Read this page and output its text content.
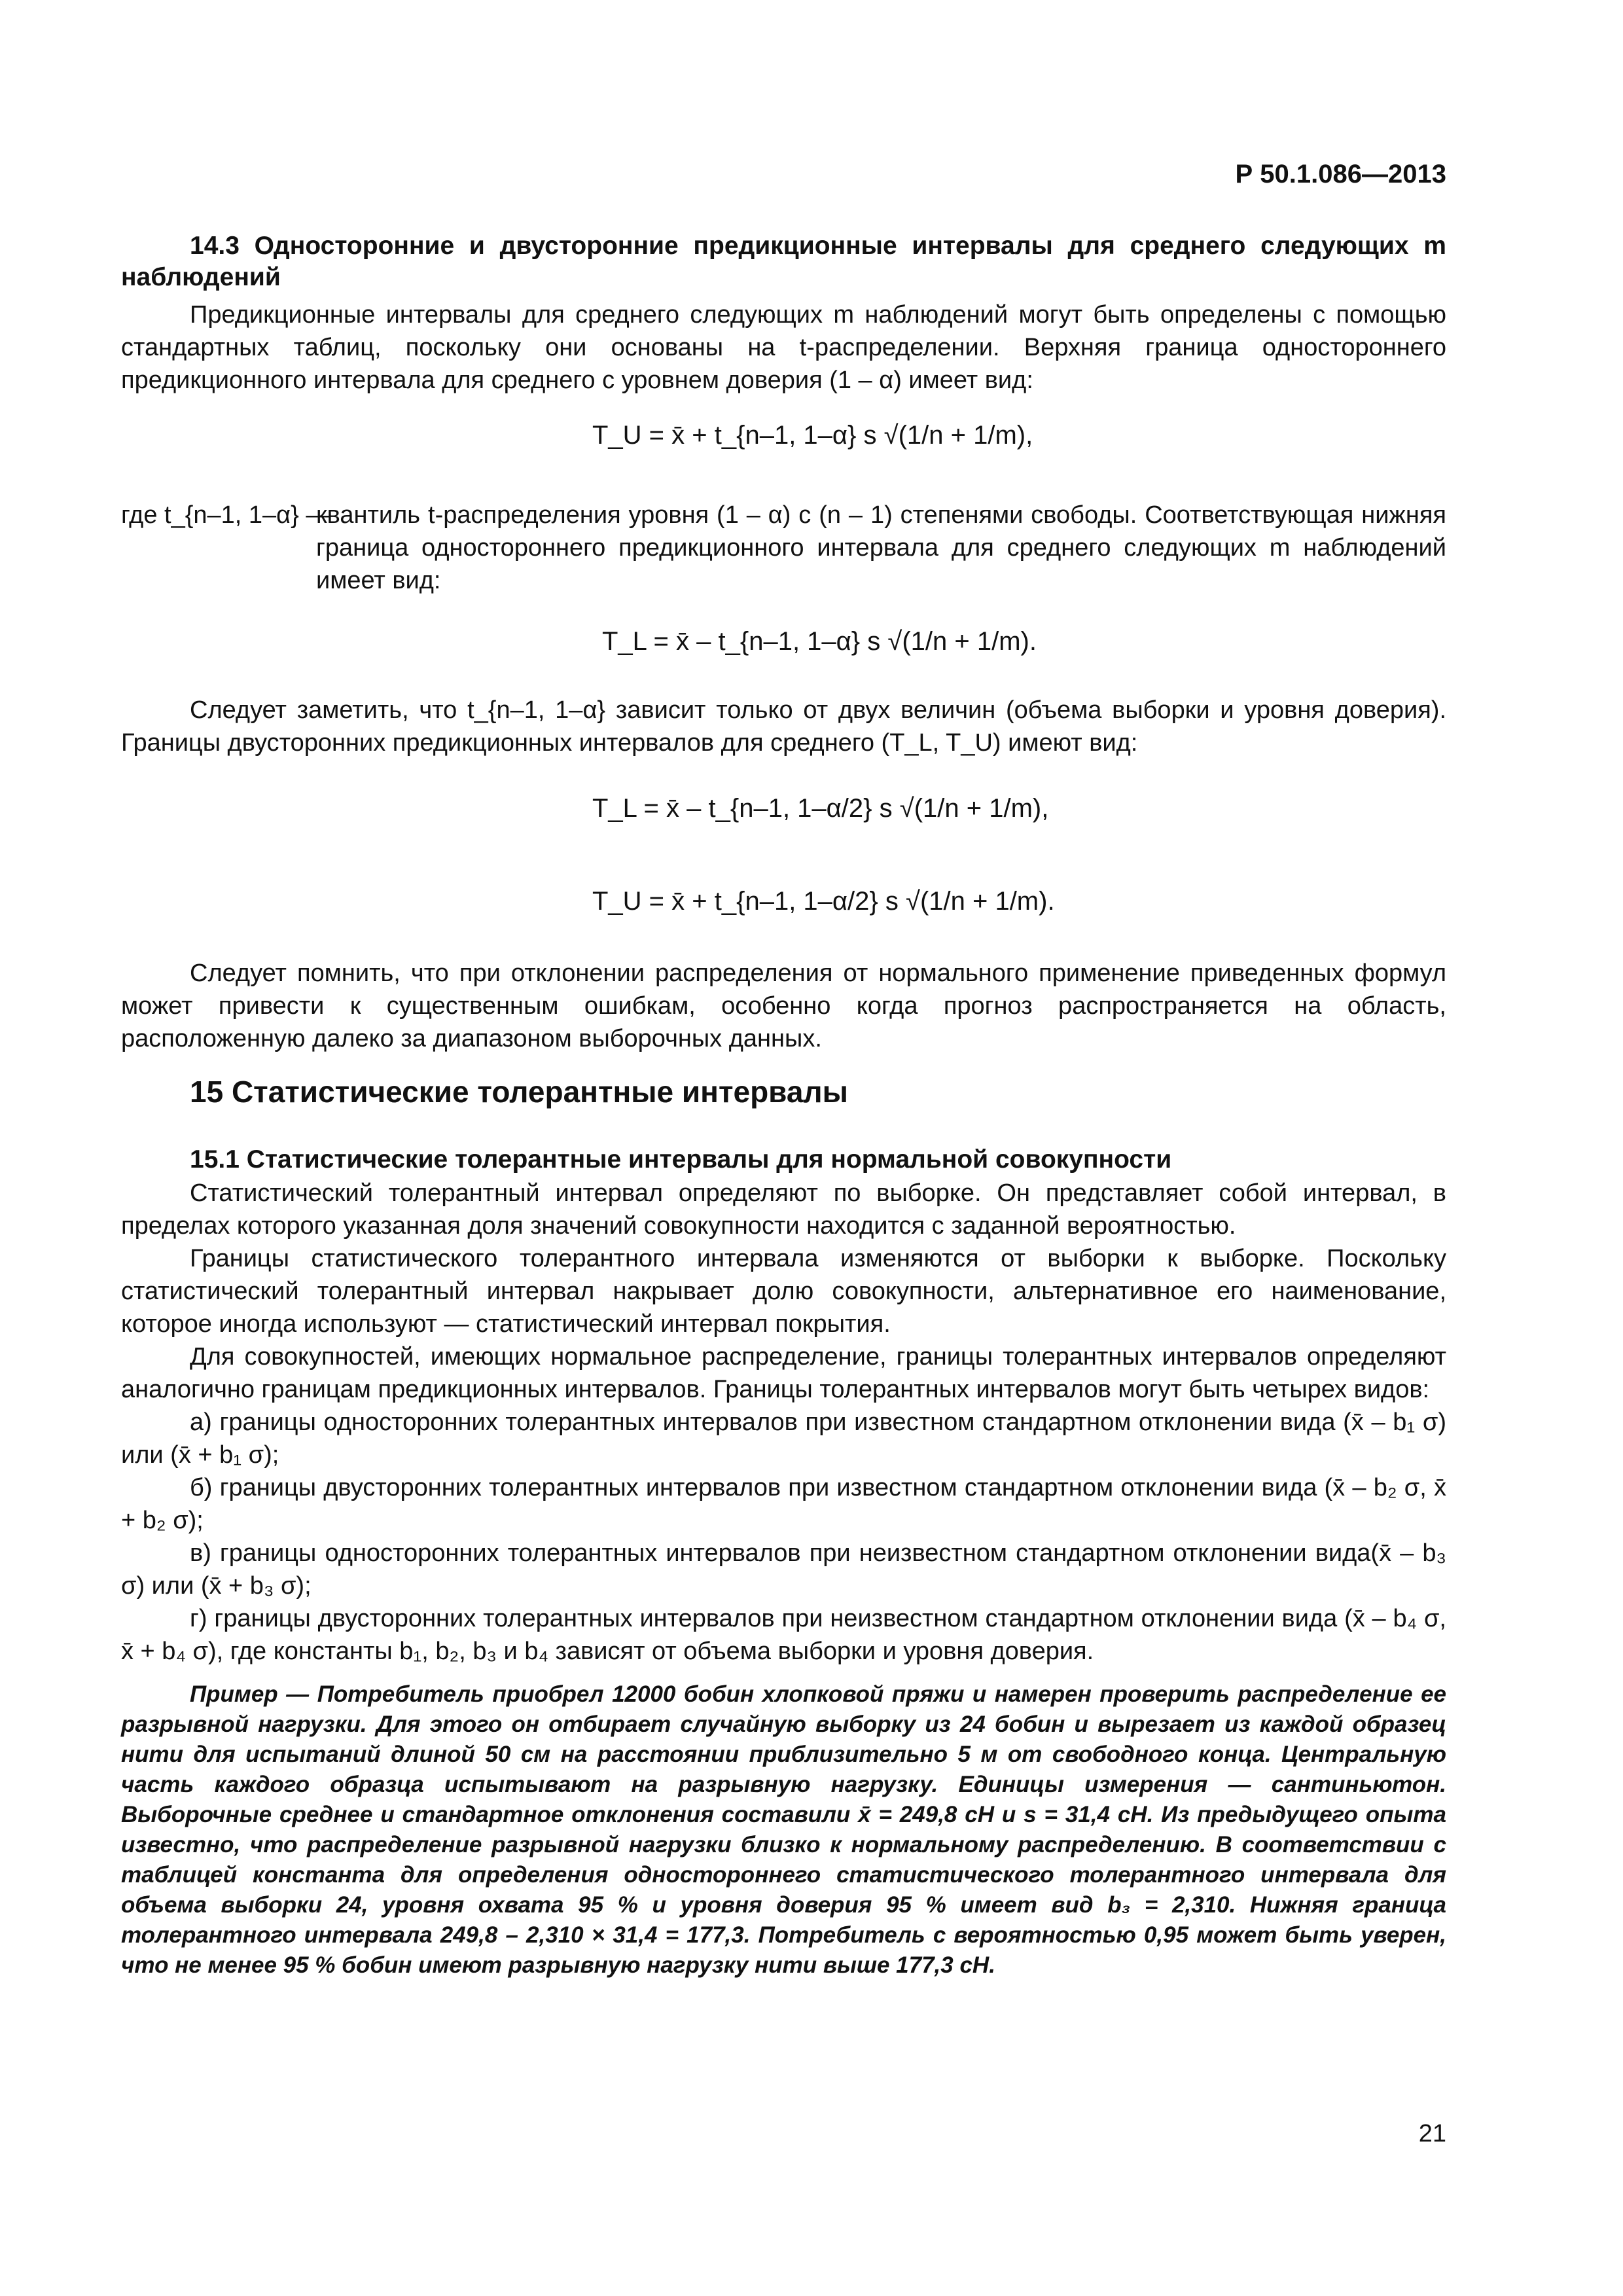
Р 50.1.086—2013

14.3 Односторонние и двусторонние предикционные интервалы для среднего следующих m наблюдений

Предикционные интервалы для среднего следующих m наблюдений могут быть определены с помощью стандартных таблиц, поскольку они основаны на t-распределении. Верхняя граница одностороннего предикционного интервала для среднего с уровнем доверия (1 – α) имеет вид:

T_U = x̄ + t_{n–1, 1–α} s √(1/n + 1/m),
где t_{n–1, 1–α} —

квантиль t-распределения уровня (1 – α) с (n – 1) степенями свободы. Соответствующая нижняя граница одностороннего предикционного интервала для среднего следующих m наблюдений имеет вид:

T_L = x̄ – t_{n–1, 1–α} s √(1/n + 1/m).

Следует заметить, что t_{n–1, 1–α} зависит только от двух величин (объема выборки и уровня доверия). Границы двусторонних предикционных интервалов для среднего (T_L, T_U) имеют вид:

T_L = x̄ – t_{n–1, 1–α/2} s √(1/n + 1/m),
T_U = x̄ + t_{n–1, 1–α/2} s √(1/n + 1/m).

Следует помнить, что при отклонении распределения от нормального применение приведенных формул может привести к существенным ошибкам, особенно когда прогноз распространяется на область, расположенную далеко за диапазоном выборочных данных.

15 Статистические толерантные интервалы

15.1 Статистические толерантные интервалы для нормальной совокупности

Статистический толерантный интервал определяют по выборке. Он представляет собой интервал, в пределах которого указанная доля значений совокупности находится с заданной вероятностью.

Границы статистического толерантного интервала изменяются от выборки к выборке. Поскольку статистический толерантный интервал накрывает долю совокупности, альтернативное его наименование, которое иногда используют — статистический интервал покрытия.

Для совокупностей, имеющих нормальное распределение, границы толерантных интервалов определяют аналогично границам предикционных интервалов. Границы толерантных интервалов могут быть четырех видов:

а) границы односторонних толерантных интервалов при известном стандартном отклонении вида (x̄ – b₁ σ) или (x̄ + b₁ σ);

б) границы двусторонних толерантных интервалов при известном стандартном отклонении вида (x̄ – b₂ σ, x̄ + b₂ σ);

в) границы односторонних толерантных интервалов при неизвестном стандартном отклонении вида(x̄ – b₃ σ) или (x̄ + b₃ σ);

г) границы двусторонних толерантных интервалов при неизвестном стандартном отклонении вида (x̄ – b₄ σ, x̄ + b₄ σ), где константы b₁, b₂, b₃ и b₄ зависят от объема выборки и уровня доверия.

Пример — Потребитель приобрел 12000 бобин хлопковой пряжи и намерен проверить распределение ее разрывной нагрузки. Для этого он отбирает случайную выборку из 24 бобин и вырезает из каждой образец нити для испытаний длиной 50 см на расстоянии приблизительно 5 м от свободного конца. Центральную часть каждого образца испытывают на разрывную нагрузку. Единицы измерения — сантиньютон. Выборочные среднее и стандартное отклонения составили x̄ = 249,8 сН и s = 31,4 сН. Из предыдущего опыта известно, что распределение разрывной нагрузки близко к нормальному распределению. В соответствии с таблицей константа для определения одностороннего статистического толерантного интервала для объема выборки 24, уровня охвата 95 % и уровня доверия 95 % имеет вид b₃ = 2,310. Нижняя граница толерантного интервала 249,8 – 2,310 × 31,4 = 177,3. Потребитель с вероятностью 0,95 может быть уверен, что не менее 95 % бобин имеют разрывную нагрузку нити выше 177,3 сН.

21
